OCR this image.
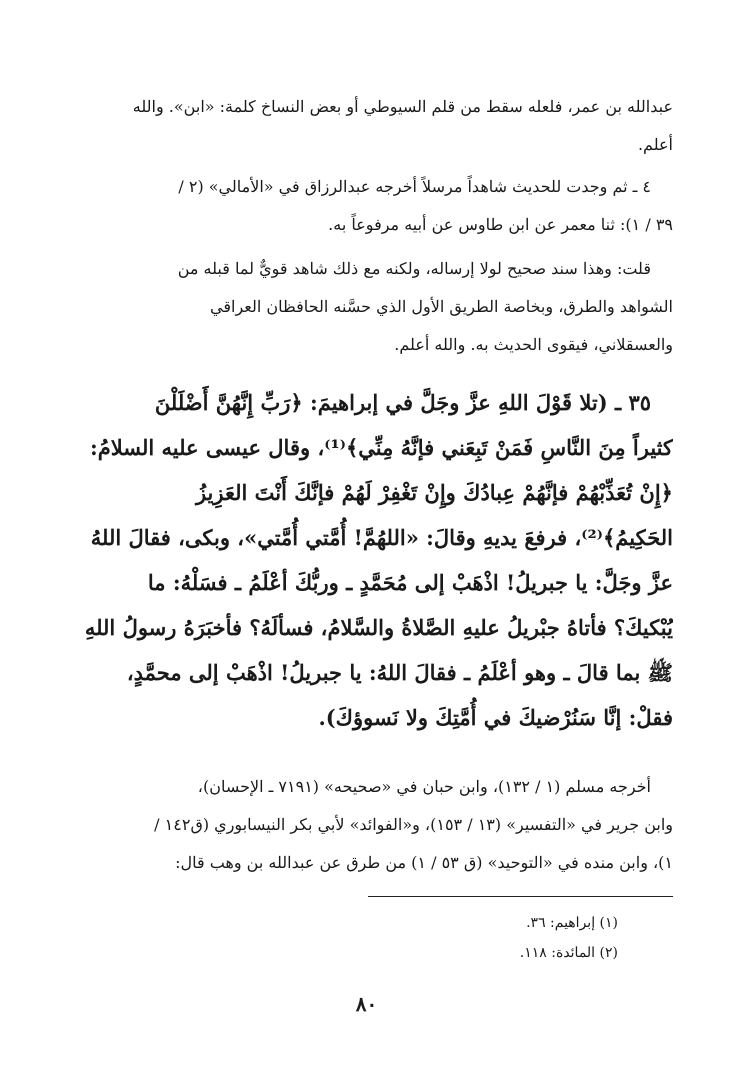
عبدالله بن عمر، فلعله سقط من قلم السيوطي أو بعض النساخ كلمة: «ابن». والله
أعلم.
٤ ـ ثم وجدت للحديث شاهداً مرسلاً أخرجه عبدالرزاق في «الأمالي» (٢ /
٣٩ / ١): ثنا معمر عن ابن طاوس عن أبيه مرفوعاً به.
قلت: وهذا سند صحيح لولا إرساله، ولكنه مع ذلك شاهد قويٌّ لما قبله من
الشواهد والطرق، وبخاصة الطريق الأول الذي حسَّنه الحافظان العراقي
والعسقلاني، فيقوى الحديث به. والله أعلم.
٣٥ ـ (تلا قَوْلَ اللهِ عزَّ وجَلَّ في إبراهيمَ: ﴿رَبِّ إِنَّهُنَّ أَضْلَلْنَ
كثيراً مِنَ النَّاسِ فَمَنْ تَبِعَني فإنَّهُ مِنِّي﴾⁽¹⁾، وقال عيسى عليه السلامُ:
﴿إِنْ تُعَذِّبْهُمْ فإنَّهُمْ عِبادُكَ وإِنْ تَغْفِرْ لَهُمْ فإنَّكَ أَنْتَ العَزِيزُ
الحَكِيمُ﴾⁽²⁾، فرفعَ يديهِ وقالَ: «اللهُمَّ! أُمَّتي أُمَّتي»، وبكى، فقالَ اللهُ
عزَّ وجَلَّ: يا جبريلُ! اذْهَبْ إلى مُحَمَّدٍ ـ وربُّكَ أعْلَمُ ـ فسَلْهُ: ما
يُبْكيكَ؟ فأتاهُ جبْريلُ عليهِ الصَّلاةُ والسَّلامُ، فسألَهُ؟ فأخبَرَهُ رسولُ اللهِ
ﷺ بما قالَ ـ وهو أعْلَمُ ـ فقالَ اللهُ: يا جبريلُ! اذْهَبْ إلى محمَّدٍ،
فقلْ: إنَّا سَنُرْضيكَ في أُمَّتِكَ ولا نَسوؤكَ).
أخرجه مسلم (١ / ١٣٢)، وابن حبان في «صحيحه» (٧١٩١ ـ الإحسان)،
وابن جرير في «التفسير» (١٣ / ١٥٣)، و«الفوائد» لأبي بكر النيسابوري (ق١٤٢ /
١)، وابن منده في «التوحيد» (ق ٥٣ / ١) من طرق عن عبدالله بن وهب قال:
(١) إبراهيم: ٣٦.
(٢) المائدة: ١١٨.
٨٠
